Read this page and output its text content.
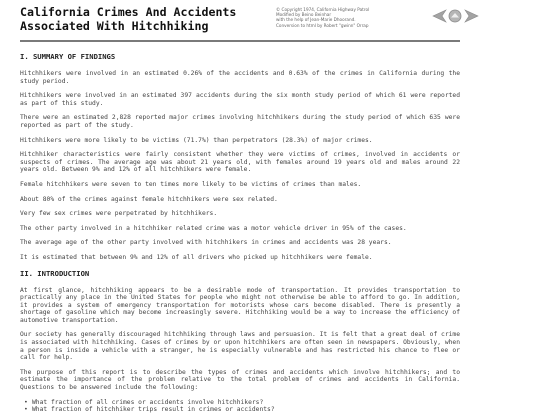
California Crimes And Accidents
Associated With Hitchhiking
© Copyright 1974, California Highway Patrol
Modified by Beino Beinhar
with the help of Jean-Marie Dhoorand.
Conversion to html by Robert "gwinn" Orrap
I. SUMMARY OF FINDINGS

Hitchhikers were involved in an estimated 0.26% of the accidents and 0.63% of the crimes in California during the study period.

Hitchhikers were involved in an estimated 397 accidents during the six month study period of which 61 were reported as part of this study.

There were an estimated 2,828 reported major crimes involving hitchhikers during the study period of which 635 were reported as part of the study.

Hitchhikers were more likely to be victims (71.7%) than perpetrators (28.3%) of major crimes.

Hitchhiker characteristics were fairly consistent whether they were victims of crimes, involved in accidents or suspects of crimes. The average age was about 21 years old, with females around 19 years old and males around 22 years old. Between 9% and 12% of all hitchhikers were female.

Female hitchhikers were seven to ten times more likely to be victims of crimes than males.

About 80% of the crimes against female hitchhikers were sex related.

Very few sex crimes were perpetrated by hitchhikers.

The other party involved in a hitchhiker related crime was a motor vehicle driver in 95% of the cases.

The average age of the other party involved with hitchhikers in crimes and accidents was 28 years.

It is estimated that between 9% and 12% of all drivers who picked up hitchhikers were female.

II. INTRODUCTION

At first glance, hitchhiking appears to be a desirable mode of transportation. It provides transportation to practically any place in the United States for people who might not otherwise be able to afford to go. In addition, it provides a system of emergency transportation for motorists whose cars become disabled. There is presently a shortage of gasoline which may become increasingly severe. Hitchhiking would be a way to increase the efficiency of automotive transportation.

Our society has generally discouraged hitchhiking through laws and persuasion. It is felt that a great deal of crime is associated with hitchhiking. Cases of crimes by or upon hitchhikers are often seen in newspapers. Obviously, when a person is inside a vehicle with a stranger, he is especially vulnerable and has restricted his chance to flee or call for help.

The purpose of this report is to describe the types of crimes and accidents which involve hitchhikers; and to estimate the importance of the problem relative to the total problem of crimes and accidents in California. Questions to be answered include the following:

• What fraction of all crimes or accidents involve hitchhikers?
• What fraction of hitchhiker trips result in crimes or accidents?
